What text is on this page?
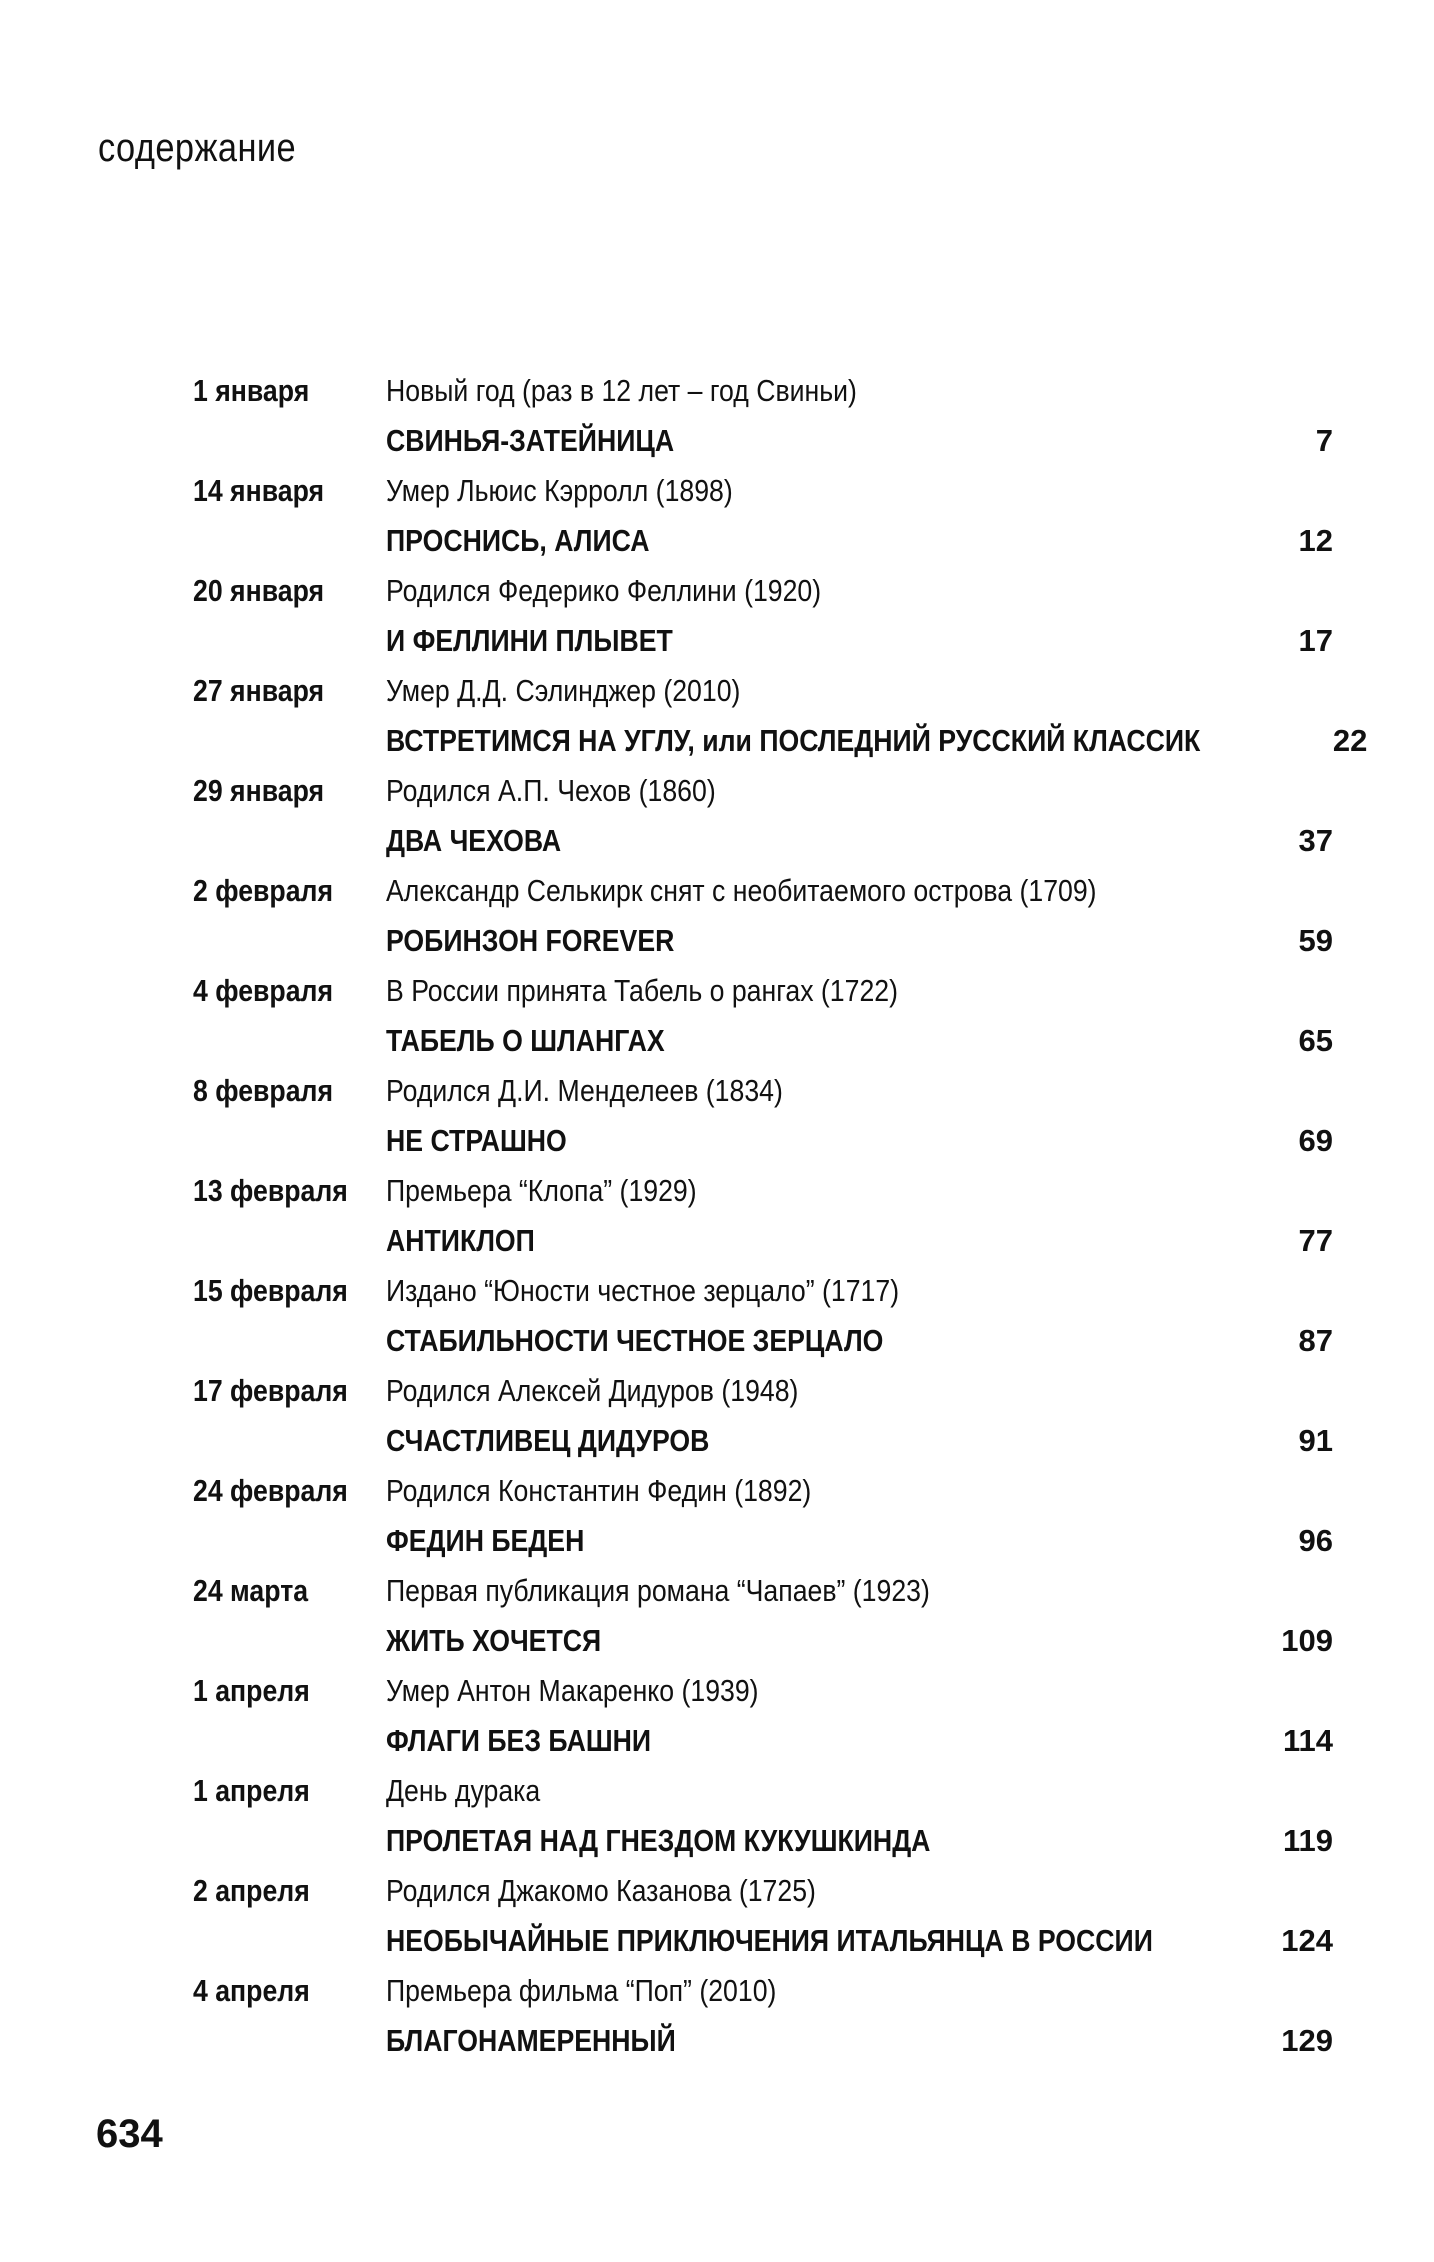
содержание
1 января	Новый год (раз в 12 лет – год Свиньи)
СВИНЬЯ-ЗАТЕЙНИЦА	7
14 января	Умер Льюис Кэрролл (1898)
ПРОСНИСЬ, АЛИСА	12
20 января	Родился Федерико Феллини (1920)
И ФЕЛЛИНИ ПЛЫВЕТ	17
27 января	Умер Д.Д. Сэлинджер (2010)
ВСТРЕТИМСЯ НА УГЛУ, или ПОСЛЕДНИЙ РУССКИЙ КЛАССИК	22
29 января	Родился А.П. Чехов (1860)
ДВА ЧЕХОВА	37
2 февраля	Александр Селькирк снят с необитаемого острова (1709)
РОБИНЗОН FOREVER	59
4 февраля	В России принята Табель о рангах (1722)
ТАБЕЛЬ О ШЛАНГАХ	65
8 февраля	Родился Д.И. Менделеев (1834)
НЕ СТРАШНО	69
13 февраля	Премьера “Клопа” (1929)
АНТИКЛОП	77
15 февраля	Издано “Юности честное зерцало” (1717)
СТАБИЛЬНОСТИ ЧЕСТНОЕ ЗЕРЦАЛО	87
17 февраля	Родился Алексей Дидуров (1948)
СЧАСТЛИВЕЦ ДИДУРОВ	91
24 февраля	Родился Константин Федин (1892)
ФЕДИН БЕДЕН	96
24 марта	Первая публикация романа “Чапаев” (1923)
ЖИТЬ ХОЧЕТСЯ	109
1 апреля	Умер Антон Макаренко (1939)
ФЛАГИ БЕЗ БАШНИ	114
1 апреля	День дурака
ПРОЛЕТАЯ НАД ГНЕЗДОМ КУКУШКИНДА	119
2 апреля	Родился Джакомо Казанова (1725)
НЕОБЫЧАЙНЫЕ ПРИКЛЮЧЕНИЯ ИТАЛЬЯНЦА В РОССИИ	124
4 апреля	Премьера фильма “Поп” (2010)
БЛАГОНАМЕРЕННЫЙ	129
634
